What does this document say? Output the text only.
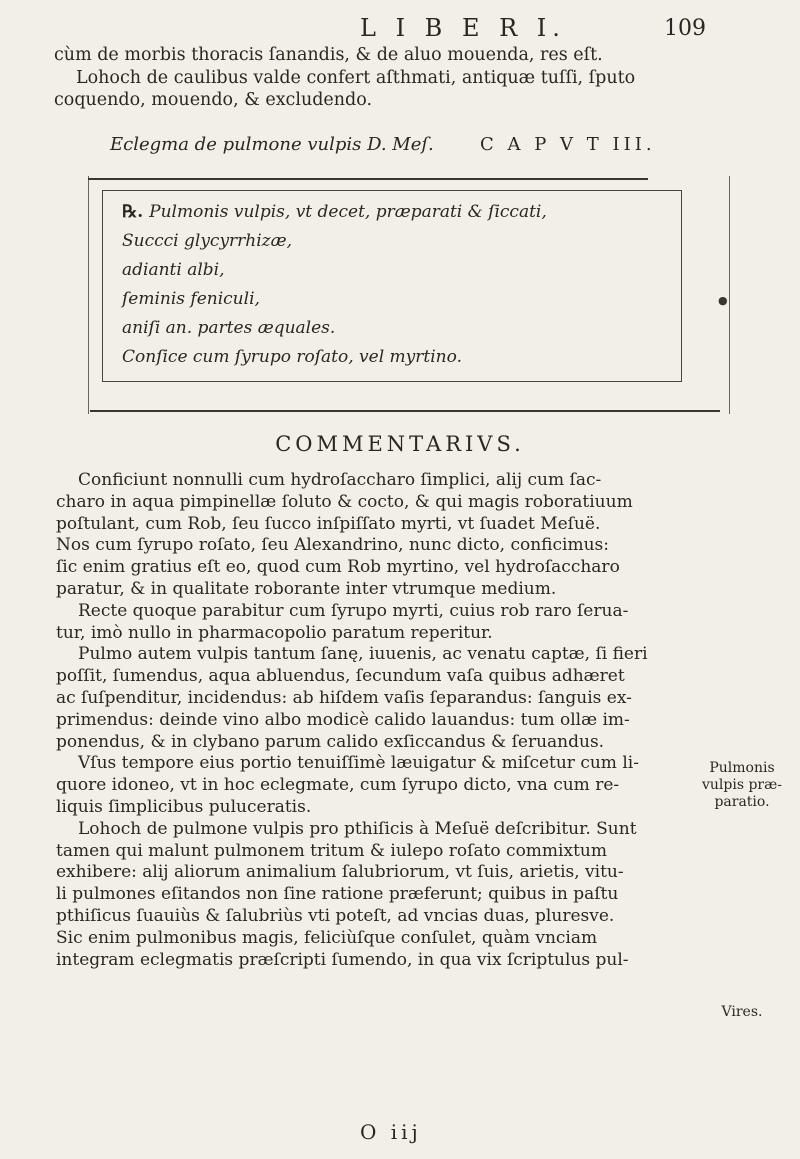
L I B E R I.	109

cùm de morbis thoracis ſanandis, & de aluo mouenda, res eſt.

Lohoch de caulibus valde confert aſthmati, antiquæ tuſſi, ſputo
coquendo, mouendo, & excludendo.

Eclegma de pulmone vulpis D. Meſ.	C A P V T III.
●
℞. Pulmonis vulpis, vt decet, præparati & ſiccati,
Succci glycyrrhizæ,
adianti albi,
ſeminis feniculi,
aniſi an. partes æquales.
Conſice cum ſyrupo roſato, vel myrtino.
COMMENTARIVS.

Conficiunt nonnulli cum hydroſaccharo ſimplici, alij cum ſac-
charo in aqua pimpinellæ ſoluto & cocto, & qui magis roboratiuum
poſtulant, cum Rob, ſeu ſucco inſpiſſato myrti, vt ſuadet Meſuë.
Nos cum ſyrupo roſato, ſeu Alexandrino, nunc dicto, conficimus:
ſic enim gratius eſt eo, quod cum Rob myrtino, vel hydroſaccharo
paratur, & in qualitate roborante inter vtrumque medium.

Recte quoque parabitur cum ſyrupo myrti, cuius rob raro ſerua-
tur, imò nullo in pharmacopolio paratum reperitur.

Pulmo autem vulpis tantum ſanę, iuuenis, ac venatu captæ, ſi fieri
poſſit, ſumendus, aqua abluendus, ſecundum vaſa quibus adhæret
ac ſuſpenditur, incidendus: ab hiſdem vaſis ſeparandus: ſanguis ex-
primendus: deinde vino albo modicè calido lauandus: tum ollæ im-
ponendus, & in clybano parum calido exſiccandus & ſeruandus.

Vſus tempore eius portio tenuiſſimè læuigatur & miſcetur cum li-
quore idoneo, vt in hoc eclegmate, cum ſyrupo dicto, vna cum re-
liquis ſimplicibus puluceratis.

Lohoch de pulmone vulpis pro pthiſicis à Meſuë deſcribitur. Sunt
tamen qui malunt pulmonem tritum & iulepo roſato commixtum
exhibere: alij aliorum animalium ſalubriorum, vt ſuis, arietis, vitu-
li pulmones eſitandos non ſine ratione præferunt; quibus in paſtu
pthiſicus ſuauiùs & ſalubriùs vti poteſt, ad vncias duas, pluresve.
Sic enim pulmonibus magis, feliciùſque conſulet, quàm vnciam
integram eclegmatis præſcripti ſumendo, in qua vix ſcriptulus pul-

Pulmonis
vulpis præ-
paratio.
Vires.
O iij
